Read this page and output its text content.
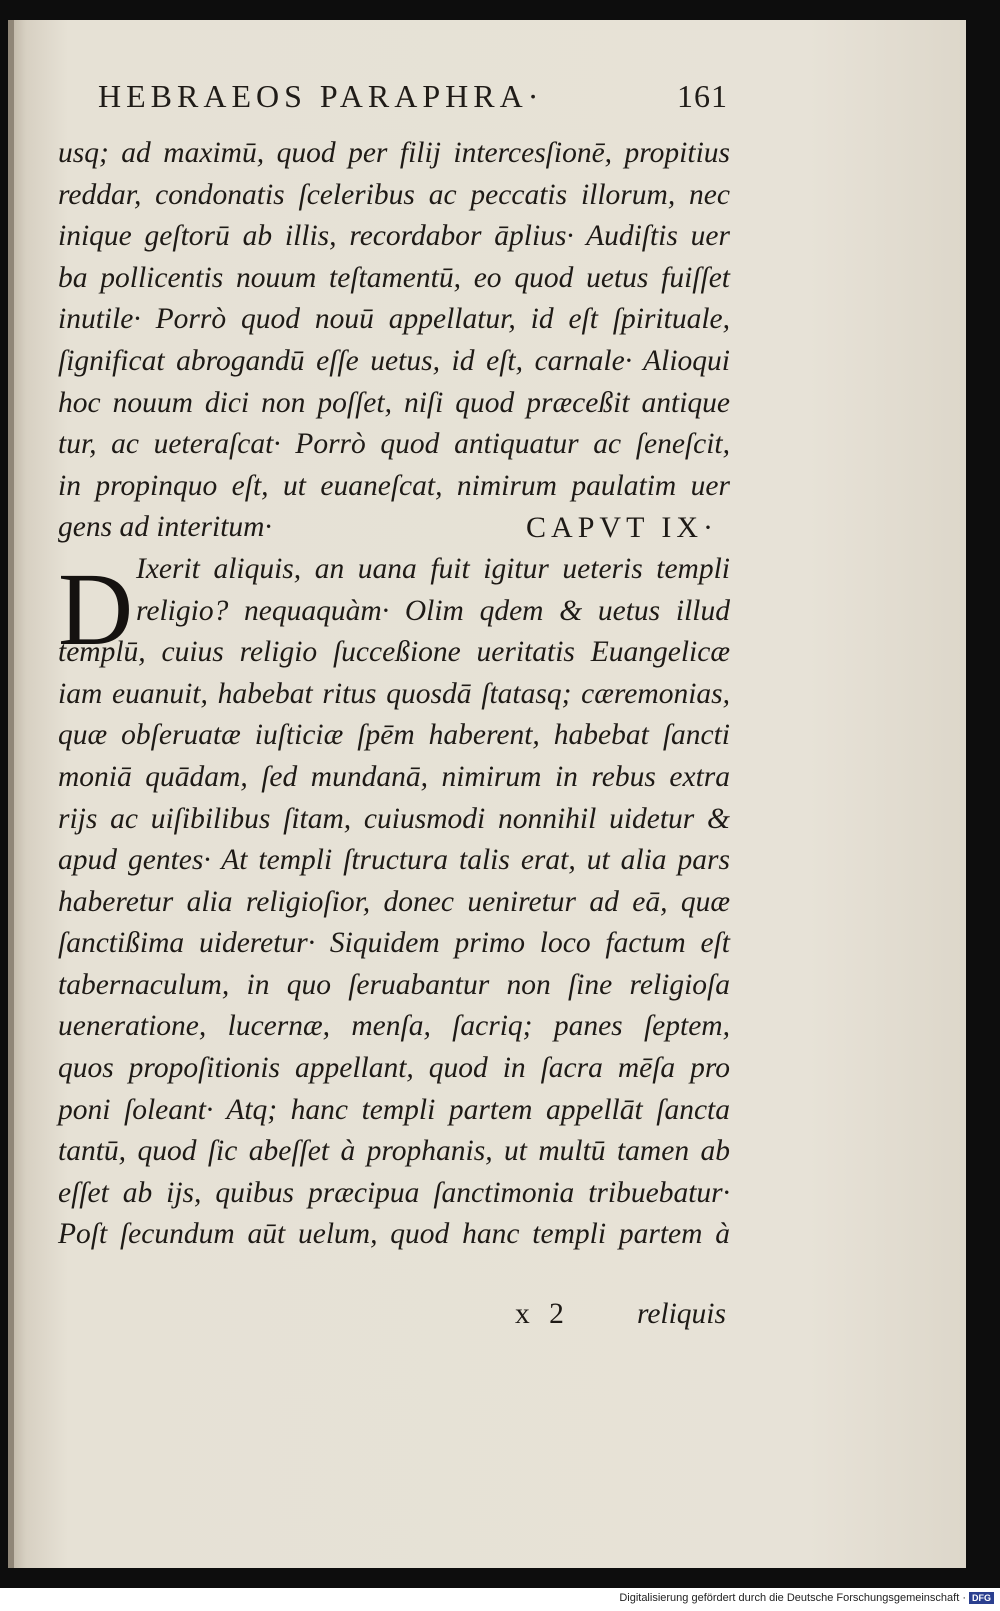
HEBRAEOS PARAPHRA·	161
usq; ad maximū, quod per filij intercesſionē, propitius
reddar, condonatis ſceleribus ac peccatis illorum, nec
inique geſtorū ab illis, recordabor āplius· Audiſtis uer
ba pollicentis nouum teſtamentū, eo quod uetus fuiſſet
inutile· Porrò quod nouū appellatur, id eſt ſpirituale,
ſignificat abrogandū eſſe uetus, id eſt, carnale· Alioqui
hoc nouum dici non poſſet, niſi quod præceßit antique
tur, ac ueteraſcat· Porrò quod antiquatur ac ſeneſcit,
in propinquo eſt, ut euaneſcat, nimirum paulatim uer
gens ad interitum·	CAPVT IX·
Ixerit aliquis, an uana fuit igitur ueteris templi
religio? nequaquàm· Olim qdem & uetus illud
templū, cuius religio ſucceßione ueritatis Euangelicæ
iam euanuit, habebat ritus quosdā ſtatasq; cæremonias,
quæ obſeruatæ iuſticiæ ſpēm haberent, habebat ſancti
moniā quādam, ſed mundanā, nimirum in rebus extra
rijs ac uiſibilibus ſitam, cuiusmodi nonnihil uidetur &
apud gentes· At templi ſtructura talis erat, ut alia pars
haberetur alia religioſior, donec ueniretur ad eā, quæ
ſanctißima uideretur· Siquidem primo loco factum eſt
tabernaculum, in quo ſeruabantur non ſine religioſa
ueneratione, lucernæ, menſa, ſacriq; panes ſeptem,
quos propoſitionis appellant, quod in ſacra mēſa pro
poni ſoleant· Atq; hanc templi partem appellāt ſancta
tantū, quod ſic abeſſet à prophanis, ut multū tamen ab
eſſet ab ijs, quibus præcipua ſanctimonia tribuebatur·
Poſt ſecundum aūt uelum, quod hanc templi partem à
D
x 2 reliquis
Digitalisierung gefördert durch die Deutsche Forschungsgemeinschaft · DFG
